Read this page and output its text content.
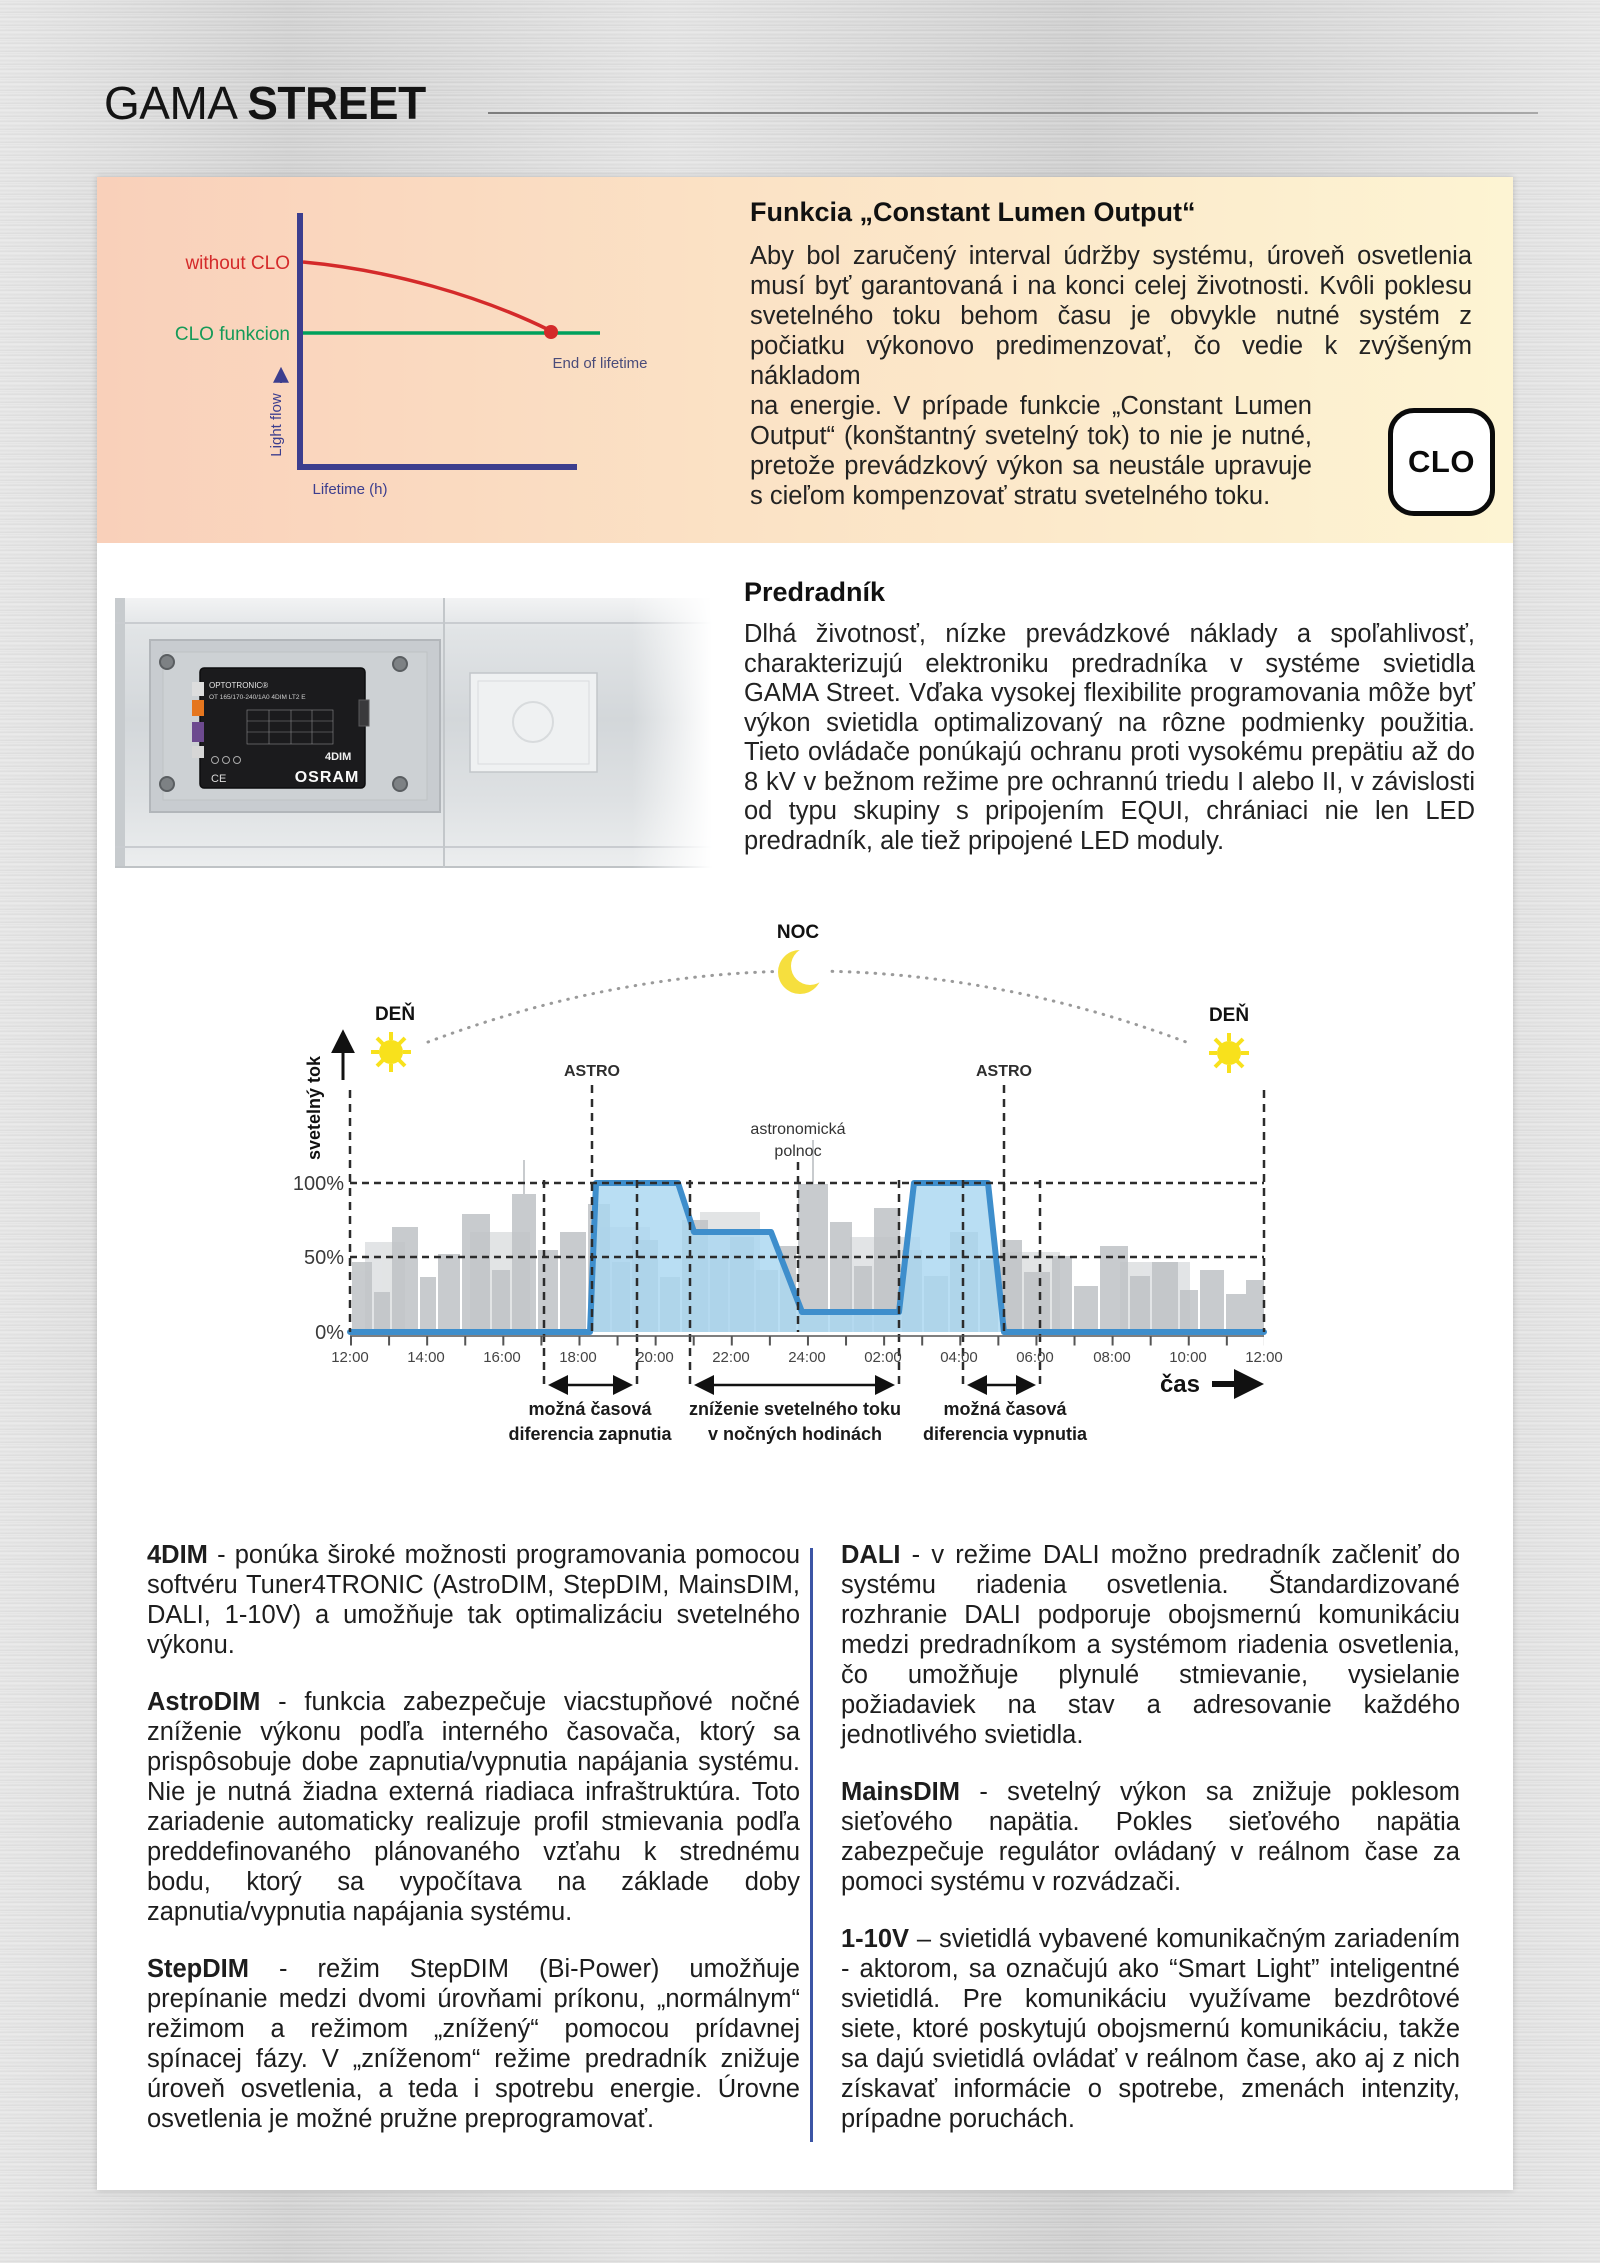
GAMA STREET
without CLO
CLO funkcion
End of lifetime
Light flow
Lifetime (h)
Funkcia „Constant Lumen Output“

Aby bol zaručený interval údržby systému, úroveň osvetlenia musí byť garantovaná i na konci celej životnosti. Kvôli poklesu svetelného toku behom času je obvykle nutné systém z počiatku výkonovo predimenzovať, čo vedie k zvýšeným nákladom

na energie. V prípade funkcie „Constant Lumen Output“ (konštantný svetelný tok) to nie je nutné, pretože prevádzkový výkon sa neustále upravuje s cieľom kompenzovať stratu svetelného toku.

CLO
OPTOTRONIC®
OT 165/170-240/1A0 4DIM LT2 E
CE
4DIM
OSRAM
Predradník

Dlhá životnosť, nízke prevádzkové náklady a spoľahlivosť, charakterizujú elektroniku predradníka v systéme svietidla GAMA Street. Vďaka vysokej flexibilite programovania môže byť výkon svietidla optimalizovaný na rôzne podmienky použitia. Tieto ovládače ponúkajú ochranu proti vysokému prepätiu až do 8 kV v bežnom režime pre ochrannú triedu I alebo II, v závislosti od typu skupiny s pripojením EQUI, chrániaci nie len LED predradník, ale tiež pripojené LED moduly.

NOC
DEŇ	DEŇ
svetelný tok	ASTRO	ASTRO
astronomická
polnoc
100%
50%
0%
12:00	14:00	16:00	18:00	20:00	22:00	24:00	02:00	04:00	06:00	08:00	10:00	12:00
čas
možná časová
diferencia zapnutia
zníženie svetelného toku
v nočných hodinách
možná časová
diferencia vypnutia

4DIM - ponúka široké možnosti programovania pomocou softvéru Tuner4TRONIC (AstroDIM, StepDIM, MainsDIM, DALI, 1-10V) a umožňuje tak optimalizáciu svetelného výkonu.

AstroDIM - funkcia zabezpečuje viacstupňové nočné zníženie výkonu podľa interného časovača, ktorý sa prispôsobuje dobe zapnutia/vypnutia napájania systému. Nie je nutná žiadna externá riadiaca infraštruktúra. Toto zariadenie automaticky realizuje profil stmievania podľa preddefinovaného plánovaného vzťahu k strednému bodu, ktorý sa vypočítava na základe doby zapnutia/vypnutia napájania systému.

StepDIM - režim StepDIM (Bi-Power) umožňuje prepínanie medzi dvomi úrovňami príkonu, „normálnym“ režimom a režimom „znížený“ pomocou prídavnej spínacej fázy. V „zníženom“ režime predradník znižuje úroveň osvetlenia, a teda i spotrebu energie. Úrovne osvetlenia je možné pružne preprogramovať.

DALI - v režime DALI možno predradník začleniť do systému riadenia osvetlenia. Štandardizované rozhranie DALI podporuje obojsmernú komunikáciu medzi predradníkom a systémom riadenia osvetlenia, čo umožňuje plynulé stmievanie, vysielanie požiadaviek na stav a adresovanie každého jednotlivého svietidla.

MainsDIM - svetelný výkon sa znižuje poklesom sieťového napätia. Pokles sieťového napätia zabezpečuje regulátor ovládaný v reálnom čase za pomoci systému v rozvádzači.

1-10V – svietidlá vybavené komunikačným zariadením - aktorom, sa označujú ako “Smart Light” inteligentné svietidlá. Pre komunikáciu využívame bezdrôtové siete, ktoré poskytujú obojsmernú komunikáciu, takže sa dajú svietidlá ovládať v reálnom čase, ako aj z nich získavať informácie o spotrebe, zmenách intenzity, prípadne poruchách.
